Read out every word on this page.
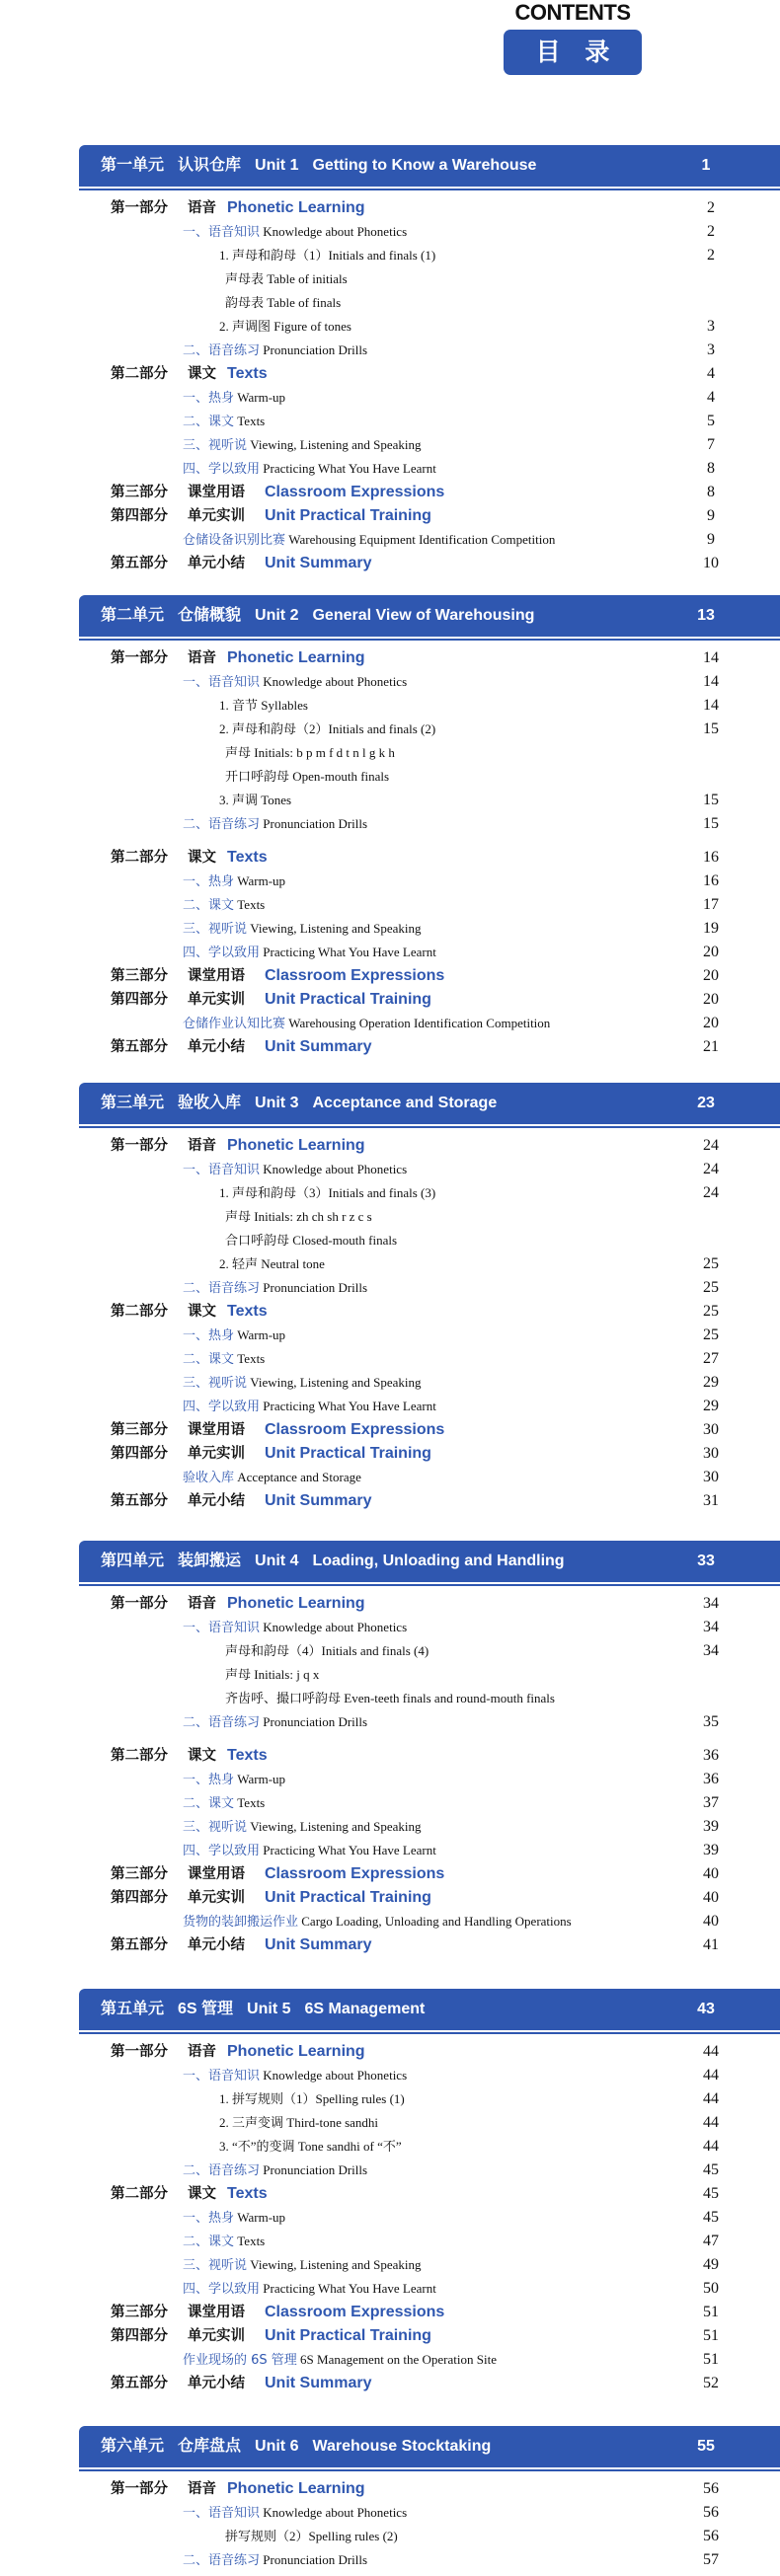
CONTENTS
目 录
第一单元 认识仓库 Unit 1 Getting to Know a Warehouse	1
第一部分 语音 Phonetic Learning	2
一、语音知识 Knowledge about Phonetics	2
1. 声母和韵母（1）Initials and finals (1)	2
声母表 Table of initials
韵母表 Table of finals
2. 声调图 Figure of tones	3
二、语音练习 Pronunciation Drills	3
第二部分 课文 Texts	4
一、热身 Warm-up	4
二、课文 Texts	5
三、视听说 Viewing, Listening and Speaking	7
四、学以致用 Practicing What You Have Learnt	8
第三部分 课堂用语 Classroom Expressions	8
第四部分 单元实训 Unit Practical Training	9
仓储设备识别比赛 Warehousing Equipment Identification Competition	9
第五部分 单元小结 Unit Summary	10
第二单元 仓储概貌 Unit 2 General View of Warehousing	13
第一部分 语音 Phonetic Learning	14
一、语音知识 Knowledge about Phonetics	14
1. 音节 Syllables	14
2. 声母和韵母（2）Initials and finals (2)	15
声母 Initials: b p m f d t n l g k h
开口呼韵母 Open-mouth finals
3. 声调 Tones	15
二、语音练习 Pronunciation Drills	15
第二部分 课文 Texts	16
一、热身 Warm-up	16
二、课文 Texts	17
三、视听说 Viewing, Listening and Speaking	19
四、学以致用 Practicing What You Have Learnt	20
第三部分 课堂用语 Classroom Expressions	20
第四部分 单元实训 Unit Practical Training	20
仓储作业认知比赛 Warehousing Operation Identification Competition	20
第五部分 单元小结 Unit Summary	21
第三单元 验收入库 Unit 3 Acceptance and Storage	23
第一部分 语音 Phonetic Learning	24
一、语音知识 Knowledge about Phonetics	24
1. 声母和韵母（3）Initials and finals (3)	24
声母 Initials: zh ch sh r z c s
合口呼韵母 Closed-mouth finals
2. 轻声 Neutral tone	25
二、语音练习 Pronunciation Drills	25
第二部分 课文 Texts	25
一、热身 Warm-up	25
二、课文 Texts	27
三、视听说 Viewing, Listening and Speaking	29
四、学以致用 Practicing What You Have Learnt	29
第三部分 课堂用语 Classroom Expressions	30
第四部分 单元实训 Unit Practical Training	30
验收入库 Acceptance and Storage	30
第五部分 单元小结 Unit Summary	31
第四单元 装卸搬运 Unit 4 Loading, Unloading and Handling	33
第一部分 语音 Phonetic Learning	34
一、语音知识 Knowledge about Phonetics	34
声母和韵母（4）Initials and finals (4)	34
声母 Initials: j q x
齐齿呼、撮口呼韵母 Even-teeth finals and round-mouth finals
二、语音练习 Pronunciation Drills	35
第二部分 课文 Texts	36
一、热身 Warm-up	36
二、课文 Texts	37
三、视听说 Viewing, Listening and Speaking	39
四、学以致用 Practicing What You Have Learnt	39
第三部分 课堂用语 Classroom Expressions	40
第四部分 单元实训 Unit Practical Training	40
货物的装卸搬运作业 Cargo Loading, Unloading and Handling Operations	40
第五部分 单元小结 Unit Summary	41
第五单元 6S 管理 Unit 5 6S Management	43
第一部分 语音 Phonetic Learning	44
一、语音知识 Knowledge about Phonetics	44
1. 拼写规则（1）Spelling rules (1)	44
2. 三声变调 Third-tone sandhi	44
3. “不”的变调 Tone sandhi of “不”	44
二、语音练习 Pronunciation Drills	45
第二部分 课文 Texts	45
一、热身 Warm-up	45
二、课文 Texts	47
三、视听说 Viewing, Listening and Speaking	49
四、学以致用 Practicing What You Have Learnt	50
第三部分 课堂用语 Classroom Expressions	51
第四部分 单元实训 Unit Practical Training	51
作业现场的 6S 管理 6S Management on the Operation Site	51
第五部分 单元小结 Unit Summary	52
第六单元 仓库盘点 Unit 6 Warehouse Stocktaking	55
第一部分 语音 Phonetic Learning	56
一、语音知识 Knowledge about Phonetics	56
拼写规则（2）Spelling rules (2)	56
二、语音练习 Pronunciation Drills	57
